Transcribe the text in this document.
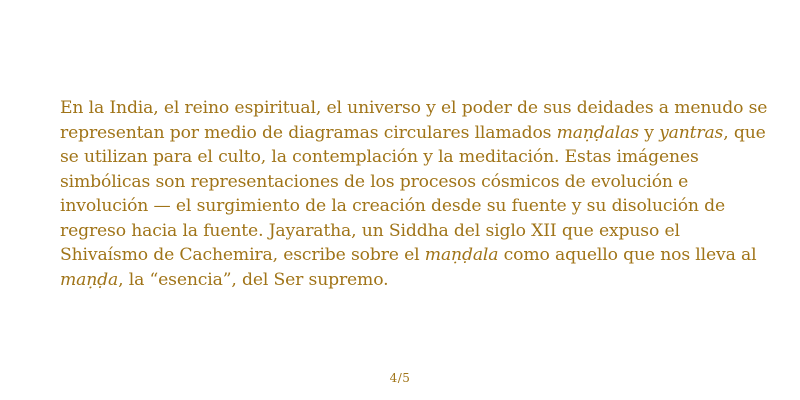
En la India, el reino espiritual, el universo y el poder de sus deidades a menudo se representan por medio de diagramas circulares llamados maṇḍalas y yantras, que se utilizan para el culto, la contemplación y la meditación. Estas imágenes simbólicas son representaciones de los procesos cósmicos de evolución e involución — el surgimiento de la creación desde su fuente y su disolución de regreso hacia la fuente. Jayaratha, un Siddha del siglo XII que expuso el Shivaísmo de Cachemira, escribe sobre el maṇḍala como aquello que nos lleva al maṇḍa, la “esencia”, del Ser supremo.

4/5
